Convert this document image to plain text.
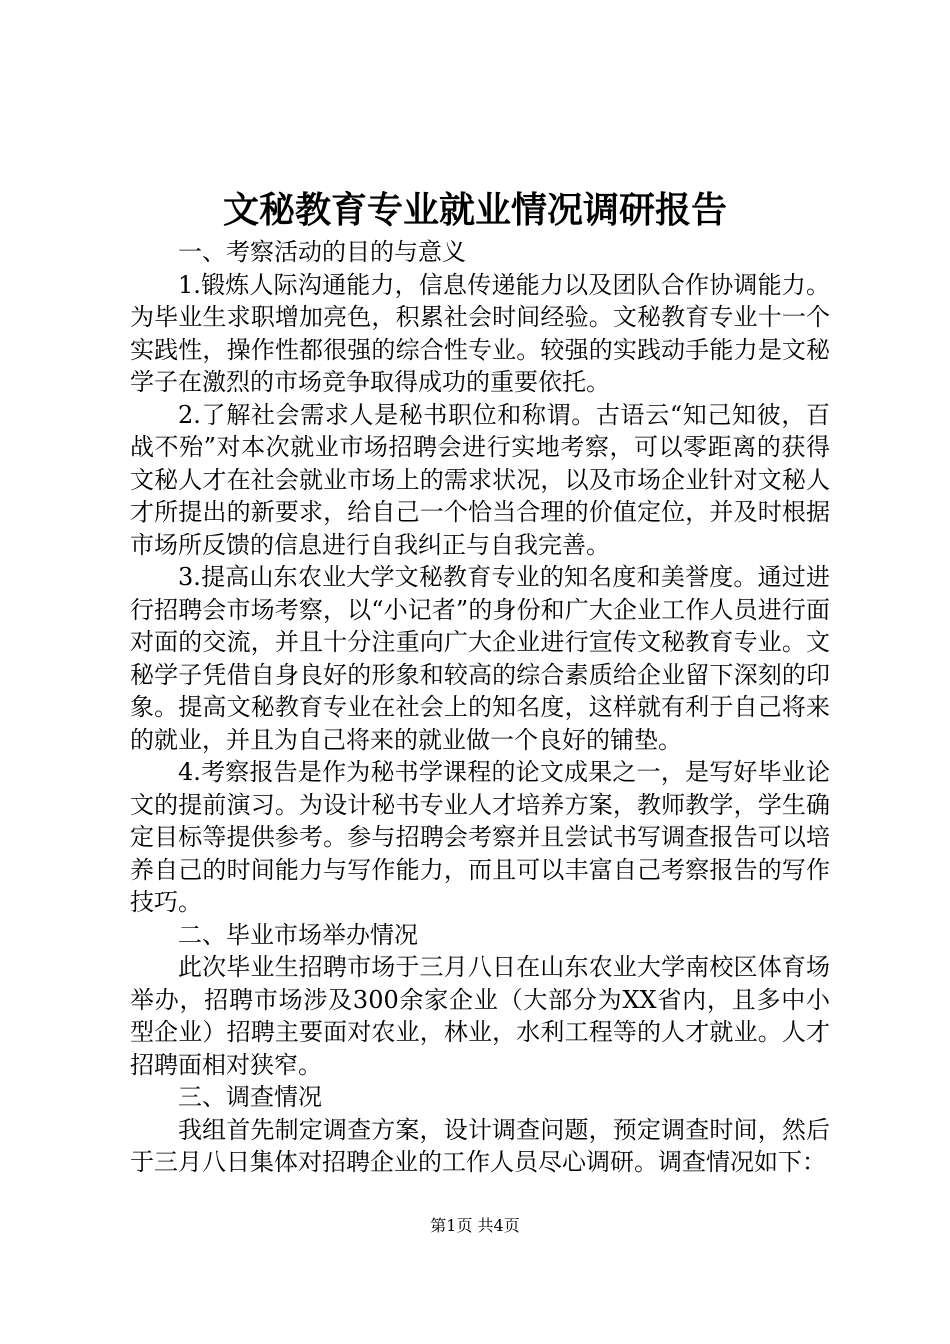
文秘教育专业就业情况调研报告

一、考察活动的目的与意义

1.锻炼人际沟通能力，信息传递能力以及团队合作协调能力。为毕业生求职增加亮色，积累社会时间经验。文秘教育专业十一个实践性，操作性都很强的综合性专业。较强的实践动手能力是文秘学子在激烈的市场竞争取得成功的重要依托。

2.了解社会需求人是秘书职位和称谓。古语云“知己知彼，百战不殆”对本次就业市场招聘会进行实地考察，可以零距离的获得文秘人才在社会就业市场上的需求状况，以及市场企业针对文秘人才所提出的新要求，给自己一个恰当合理的价值定位，并及时根据市场所反馈的信息进行自我纠正与自我完善。

3.提高山东农业大学文秘教育专业的知名度和美誉度。通过进行招聘会市场考察，以“小记者”的身份和广大企业工作人员进行面对面的交流，并且十分注重向广大企业进行宣传文秘教育专业。文秘学子凭借自身良好的形象和较高的综合素质给企业留下深刻的印象。提高文秘教育专业在社会上的知名度，这样就有利于自己将来的就业，并且为自己将来的就业做一个良好的铺垫。

4.考察报告是作为秘书学课程的论文成果之一，是写好毕业论文的提前演习。为设计秘书专业人才培养方案，教师教学，学生确定目标等提供参考。参与招聘会考察并且尝试书写调查报告可以培养自己的时间能力与写作能力，而且可以丰富自己考察报告的写作技巧。

二、毕业市场举办情况

此次毕业生招聘市场于三月八日在山东农业大学南校区体育场举办，招聘市场涉及300余家企业（大部分为XX省内，且多中小型企业）招聘主要面对农业，林业，水利工程等的人才就业。人才招聘面相对狭窄。

三、调查情况

我组首先制定调查方案，设计调查问题，预定调查时间，然后于三月八日集体对招聘企业的工作人员尽心调研。调查情况如下：

第1页 共4页
